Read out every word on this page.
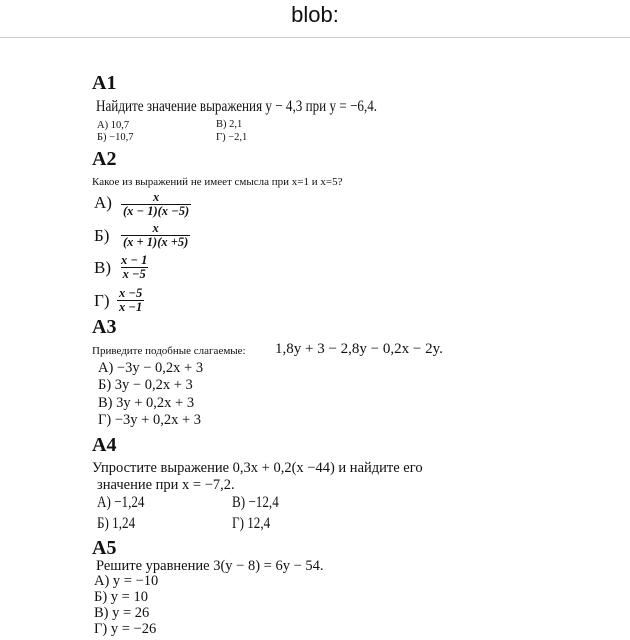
blob:
A1
Найдите значение выражения y − 4,3 при y = −6,4.
А) 10,7	В) 2,1
Б) −10,7	Г) −2,1
A2
Какое из выражений не имеет смысла при x=1 и x=5?
$А) \frac{x}{(x - 1)(x -5)}$
$Б) \frac{x}{(x + 1)(x +5)}$
$В) \frac{x - 1}{x -5}$
$Г) \frac{x -5}{x -1}$
A3
Приведите подобные слагаемые: 1,8y + 3 − 2,8y − 0,2x − 2y.
А) −3y − 0,2x + 3
Б) 3y − 0,2x + 3
В) 3y + 0,2x + 3
Г) −3y + 0,2x + 3
A4
Упростите выражение 0,3x + 0,2(x −44) и найдите его
значение при x = −7,2.
А) −1,24	В) −12,4
Б) 1,24	Г) 12,4
A5
Решите уравнение 3(y − 8) = 6y − 54.
А) y = −10
Б) y = 10
В) y = 26
Г) y = −26
